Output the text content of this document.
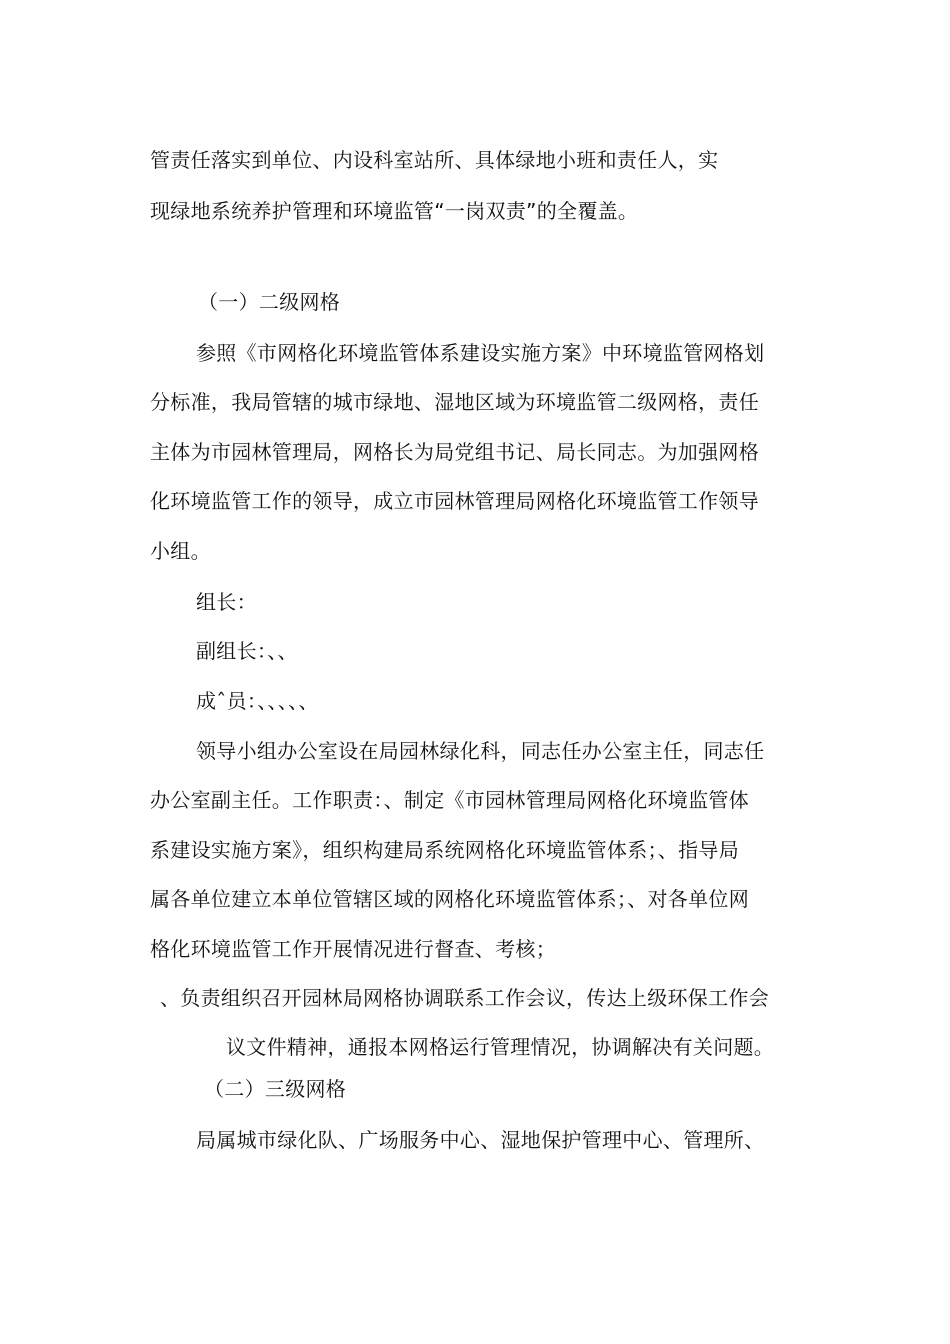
管责任落实到单位、内设科室站所、具体绿地小班和责任人，实
现绿地系统养护管理和环境监管“一岗双责”的全覆盖。
（一）二级网格
参照《市网格化环境监管体系建设实施方案》中环境监管网格划
分标准，我局管辖的城市绿地、湿地区域为环境监管二级网格，责任
主体为市园林管理局，网格长为局党组书记、局长同志。为加强网格
化环境监管工作的领导，成立市园林管理局网格化环境监管工作领导
小组。
组长：
副组长：、、
成ˆ员：、、、、、
领导小组办公室设在局园林绿化科，同志任办公室主任，同志任
办公室副主任。工作职责：、制定《市园林管理局网格化环境监管体
系建设实施方案》，组织构建局系统网格化环境监管体系；、指导局
属各单位建立本单位管辖区域的网格化环境监管体系；、对各单位网
格化环境监管工作开展情况进行督查、考核；
、负责组织召开园林局网格协调联系工作会议，传达上级环保工作会
议文件精神，通报本网格运行管理情况，协调解决有关问题。
（二）三级网格
局属城市绿化队、广场服务中心、湿地保护管理中心、管理所、
